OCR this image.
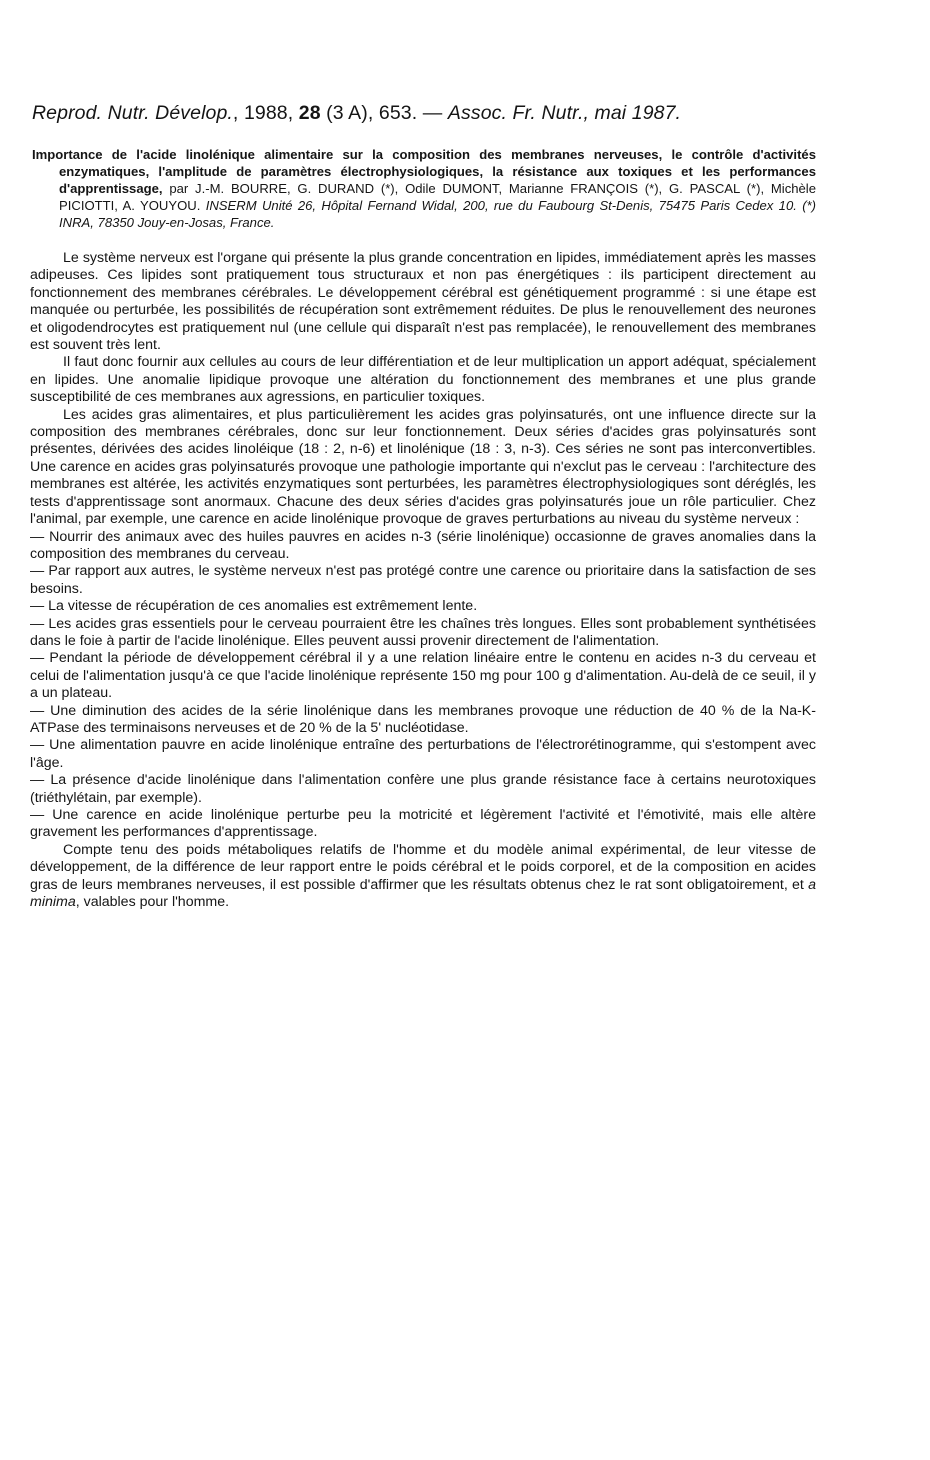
Reprod. Nutr. Dévelop., 1988, 28 (3 A), 653. — Assoc. Fr. Nutr., mai 1987.
Importance de l'acide linolénique alimentaire sur la composition des membranes nerveuses, le contrôle d'activités enzymatiques, l'amplitude de paramètres électrophysiologiques, la résistance aux toxiques et les performances d'apprentissage, par J.-M. BOURRE, G. DURAND (*), Odile DUMONT, Marianne FRANÇOIS (*), G. PASCAL (*), Michèle PICIOTTI, A. YOUYOU. INSERM Unité 26, Hôpital Fernand Widal, 200, rue du Faubourg St-Denis, 75475 Paris Cedex 10. (*) INRA, 78350 Jouy-en-Josas, France.

Le système nerveux est l'organe qui présente la plus grande concentration en lipides, immédiatement après les masses adipeuses. Ces lipides sont pratiquement tous structuraux et non pas énergétiques : ils participent directement au fonctionnement des membranes cérébrales. Le développement cérébral est génétiquement programmé : si une étape est manquée ou perturbée, les possibilités de récupération sont extrêmement réduites. De plus le renouvellement des neurones et oligodendrocytes est pratiquement nul (une cellule qui disparaît n'est pas remplacée), le renouvellement des membranes est souvent très lent.

Il faut donc fournir aux cellules au cours de leur différentiation et de leur multiplication un apport adéquat, spécialement en lipides. Une anomalie lipidique provoque une altération du fonctionnement des membranes et une plus grande susceptibilité de ces membranes aux agressions, en particulier toxiques.

Les acides gras alimentaires, et plus particulièrement les acides gras polyinsaturés, ont une influence directe sur la composition des membranes cérébrales, donc sur leur fonctionnement. Deux séries d'acides gras polyinsaturés sont présentes, dérivées des acides linoléique (18 : 2, n-6) et linolénique (18 : 3, n-3). Ces séries ne sont pas interconvertibles. Une carence en acides gras polyinsaturés provoque une pathologie importante qui n'exclut pas le cerveau : l'architecture des membranes est altérée, les activités enzymatiques sont perturbées, les paramètres électrophysiologiques sont déréglés, les tests d'apprentissage sont anormaux. Chacune des deux séries d'acides gras polyinsaturés joue un rôle particulier. Chez l'animal, par exemple, une carence en acide linolénique provoque de graves perturbations au niveau du système nerveux :

— Nourrir des animaux avec des huiles pauvres en acides n-3 (série linolénique) occasionne de graves anomalies dans la composition des membranes du cerveau.

— Par rapport aux autres, le système nerveux n'est pas protégé contre une carence ou prioritaire dans la satisfaction de ses besoins.

— La vitesse de récupération de ces anomalies est extrêmement lente.

— Les acides gras essentiels pour le cerveau pourraient être les chaînes très longues. Elles sont probablement synthétisées dans le foie à partir de l'acide linolénique. Elles peuvent aussi provenir directement de l'alimentation.

— Pendant la période de développement cérébral il y a une relation linéaire entre le contenu en acides n-3 du cerveau et celui de l'alimentation jusqu'à ce que l'acide linolénique représente 150 mg pour 100 g d'alimentation. Au-delà de ce seuil, il y a un plateau.

— Une diminution des acides de la série linolénique dans les membranes provoque une réduction de 40 % de la Na-K-ATPase des terminaisons nerveuses et de 20 % de la 5' nucléotidase.

— Une alimentation pauvre en acide linolénique entraîne des perturbations de l'électrorétinogramme, qui s'estompent avec l'âge.

— La présence d'acide linolénique dans l'alimentation confère une plus grande résistance face à certains neurotoxiques (triéthylétain, par exemple).

— Une carence en acide linolénique perturbe peu la motricité et légèrement l'activité et l'émotivité, mais elle altère gravement les performances d'apprentissage.

Compte tenu des poids métaboliques relatifs de l'homme et du modèle animal expérimental, de leur vitesse de développement, de la différence de leur rapport entre le poids cérébral et le poids corporel, et de la composition en acides gras de leurs membranes nerveuses, il est possible d'affirmer que les résultats obtenus chez le rat sont obligatoirement, et a minima, valables pour l'homme.
